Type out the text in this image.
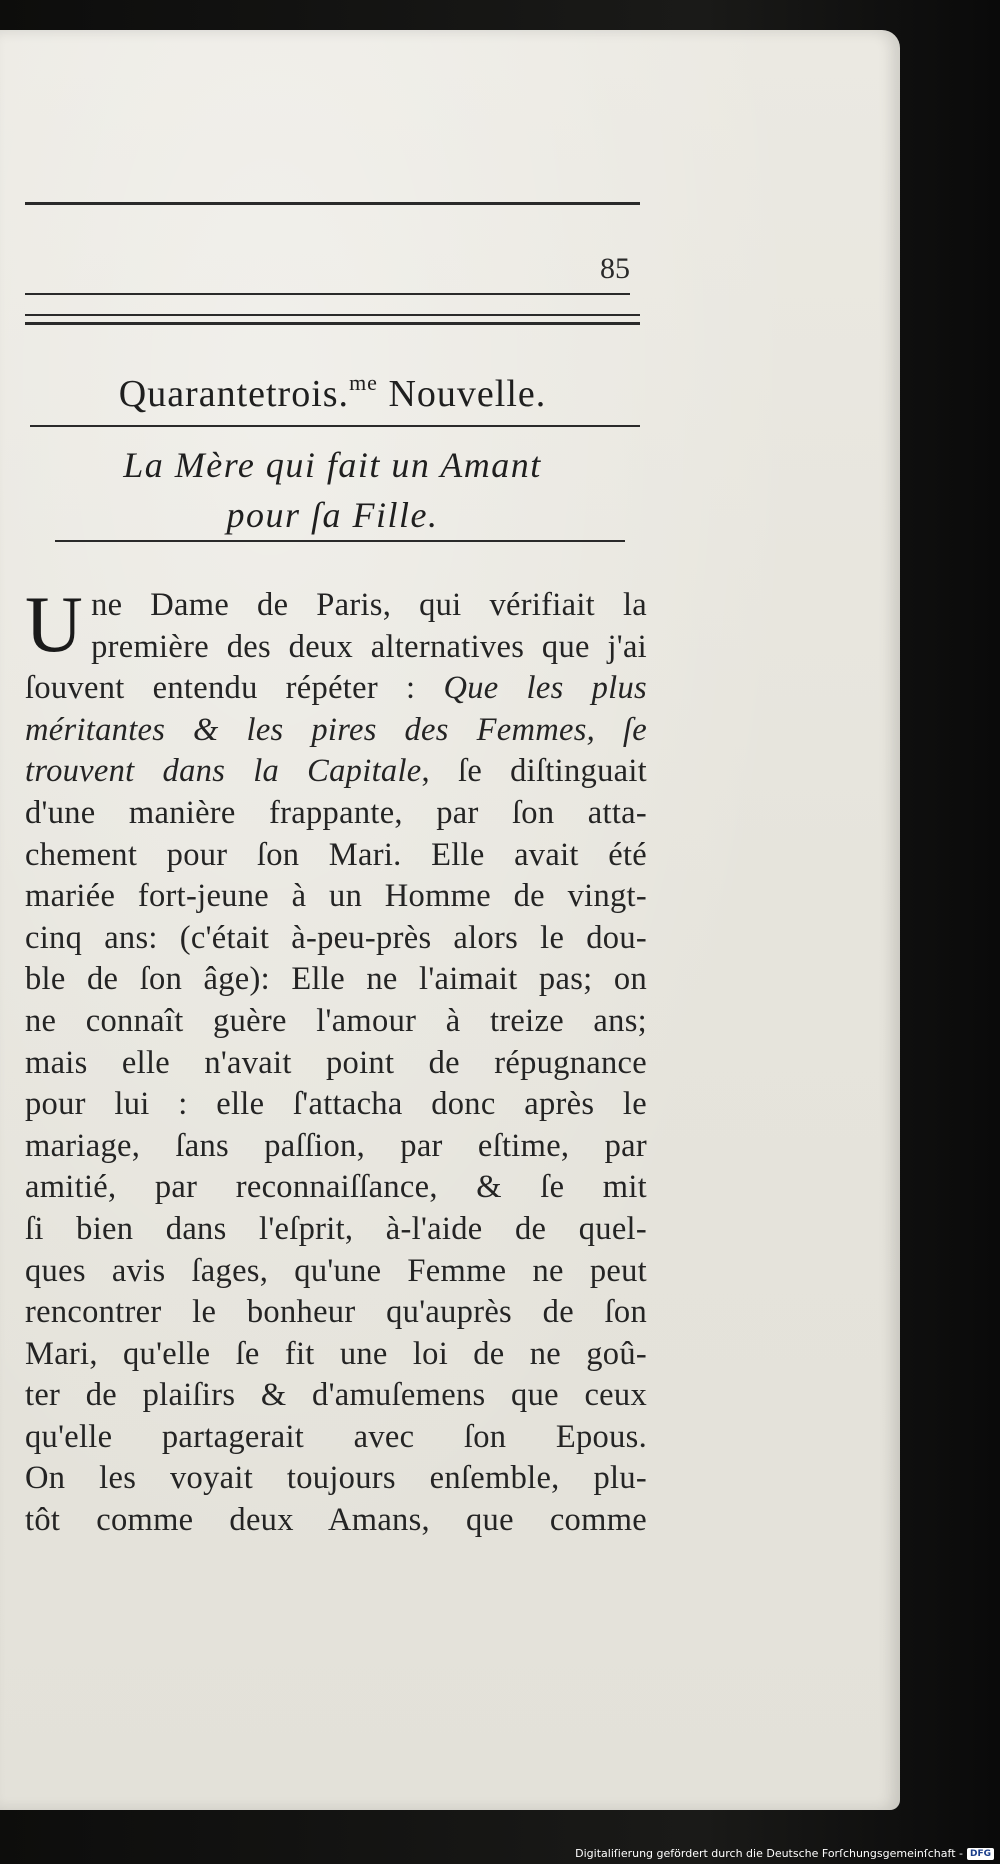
85
Quarantetrois.$^{me}$ Nouvelle.
La Mère qui fait un Amant
pour ſa Fille.
U ne Dame de Paris, qui vérifiait la
première des deux alternatives que j'ai
ſouvent entendu répéter : Que les plus
méritantes & les pires des Femmes, ſe
trouvent dans la Capitale, ſe diſtinguait
d'une manière frappante, par ſon atta-
chement pour ſon Mari. Elle avait été
mariée fort-jeune à un Homme de vingt-
cinq ans: (c'était à-peu-près alors le dou-
ble de ſon âge): Elle ne l'aimait pas; on
ne connaît guère l'amour à treize ans;
mais elle n'avait point de répugnance
pour lui : elle ſ'attacha donc après le
mariage, ſans paſſion, par eſtime, par
amitié, par reconnaiſſance, & ſe mit
ſi bien dans l'eſprit, à-l'aide de quel-
ques avis ſages, qu'une Femme ne peut
rencontrer le bonheur qu'auprès de ſon
Mari, qu'elle ſe fit une loi de ne goû-
ter de plaiſirs & d'amuſemens que ceux
qu'elle partagerait avec ſon Epous.
On les voyait toujours enſemble, plu-
tôt comme deux Amans, que comme
Digitaliſierung gefördert durch die Deutsche Forſchungsgemeinſchaft - DFG
